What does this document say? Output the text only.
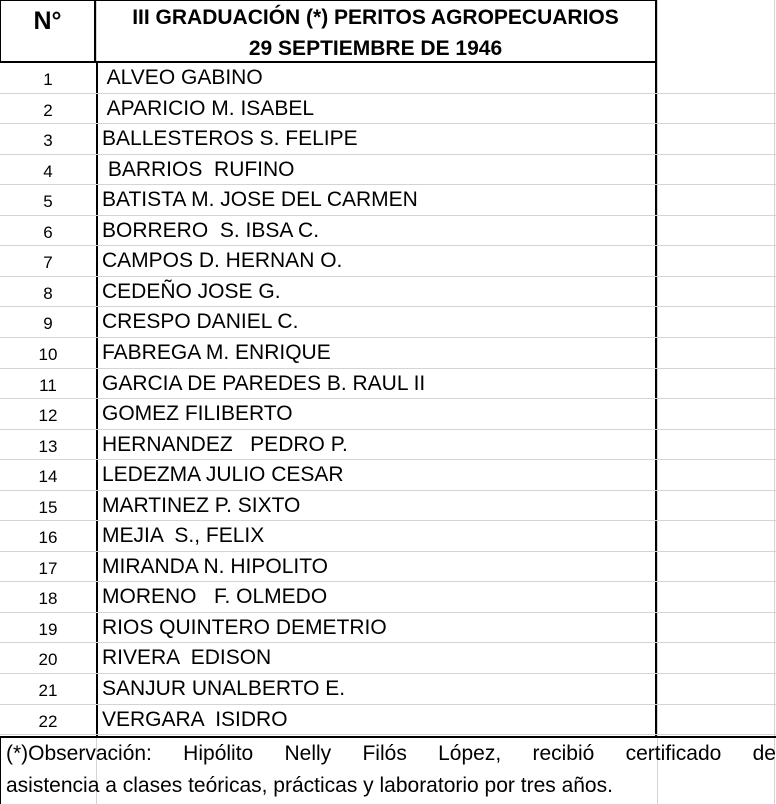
N°	III GRADUACIÓN (*) PERITOS AGROPECUARIOS
29 SEPTIEMBRE DE 1946
1	ALVEO GABINO
2	APARICIO M. ISABEL
3	BALLESTEROS S. FELIPE
4	BARRIOS  RUFINO
5	BATISTA M. JOSE DEL CARMEN
6	BORRERO  S. IBSA C.
7	CAMPOS D. HERNAN O.
8	CEDEÑO JOSE G.
9	CRESPO DANIEL C.
10	FABREGA M. ENRIQUE
11	GARCIA DE PAREDES B. RAUL II
12	GOMEZ FILIBERTO
13	HERNANDEZ   PEDRO P.
14	LEDEZMA JULIO CESAR
15	MARTINEZ P. SIXTO
16	MEJIA  S., FELIX
17	MIRANDA N. HIPOLITO
18	MORENO   F. OLMEDO
19	RIOS QUINTERO DEMETRIO
20	RIVERA  EDISON
21	SANJUR UNALBERTO E.
22	VERGARA  ISIDRO
(*)Observación: Hipólito Nelly Filós López, recibió certificado de
asistencia a clases teóricas, prácticas y laboratorio por tres años.
